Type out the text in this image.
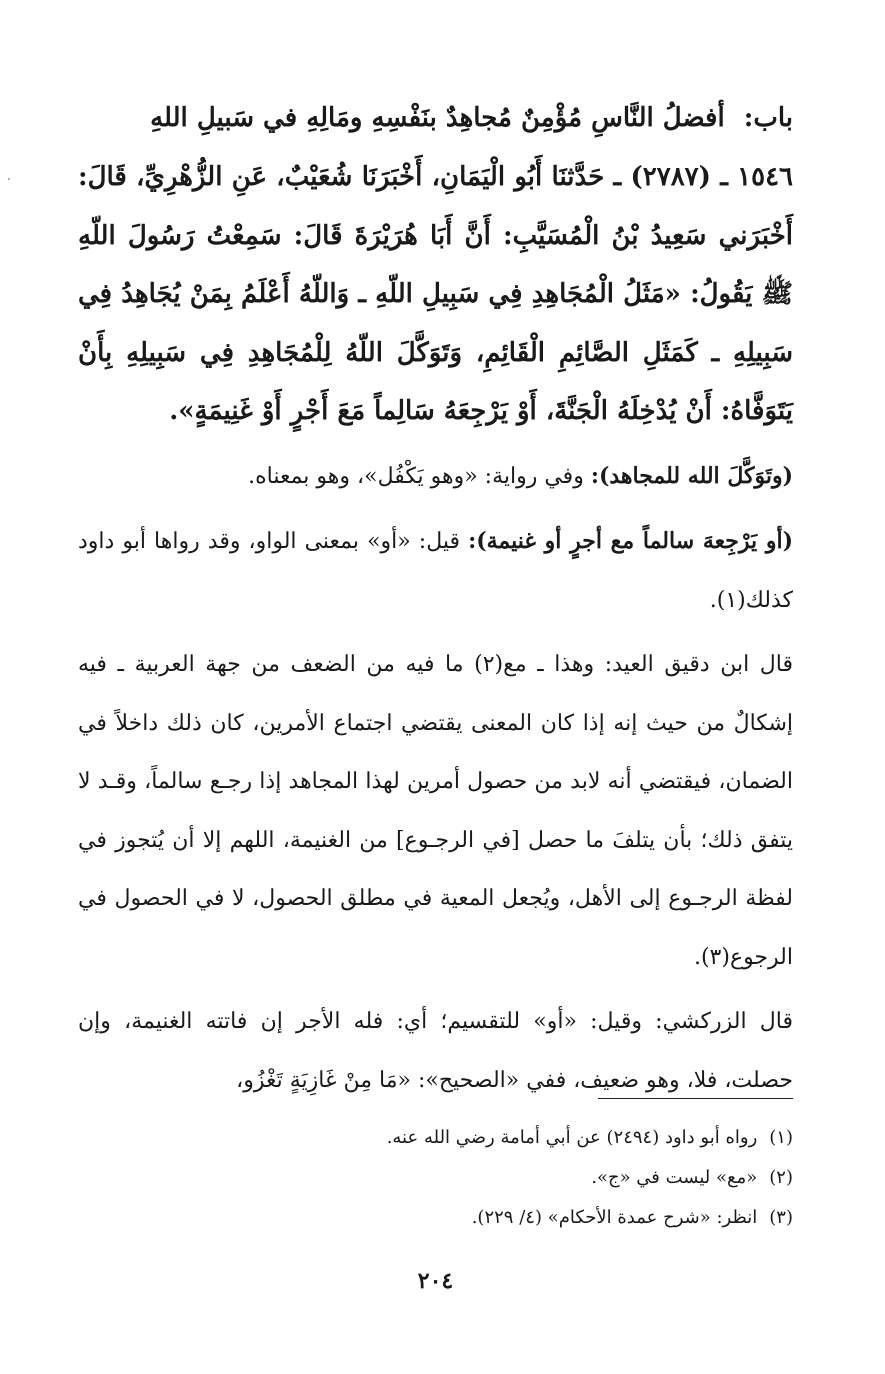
باب: أفضلُ النَّاسِ مُؤْمِنٌ مُجاهِدٌ بنَفْسِهِ ومَالِهِ في سَبيلِ اللهِ

١٥٤٦ ـ (٢٧٨٧) ـ حَدَّثنَا أَبُو الْيَمَانِ، أَخْبَرَنَا شُعَيْبٌ، عَنِ الزُّهْرِيِّ، قَالَ: أَخْبَرَني سَعِيدُ بْنُ الْمُسَيَّبِ: أَنَّ أَبَا هُرَيْرَةَ قَالَ: سَمِعْتُ رَسُولَ اللّهِ ﷺ يَقُولُ: «مَثَلُ الْمُجَاهِدِ فِي سَبِيلِ اللّهِ ـ وَاللّهُ أَعْلَمُ بِمَنْ يُجَاهِدُ فِي سَبِيلِهِ ـ كَمَثَلِ الصَّائِمِ الْقَائِمِ، وَتَوَكَّلَ اللّهُ لِلْمُجَاهِدِ فِي سَبِيلِهِ بِأَنْ يَتَوَفَّاهُ: أَنْ يُدْخِلَهُ الْجَنَّةَ، أَوْ يَرْجِعَهُ سَالِماً مَعَ أَجْرٍ أَوْ غَنِيمَةٍ».

(وتَوَكَّلَ الله للمجاهد): وفي رواية: «وهو يَكْفُل»، وهو بمعناه.

(أو يَرْجِعهَ سالماً مع أجرٍ أو غنيمة): قيل: «أو» بمعنى الواو، وقد رواها أبو داود كذلك(١).

قال ابن دقيق العيد: وهذا ـ مع(٢) ما فيه من الضعف من جهة العربية ـ فيه إشكالٌ من حيث إنه إذا كان المعنى يقتضي اجتماع الأمرين، كان ذلك داخلاً في الضمان، فيقتضي أنه لابد من حصول أمرين لهذا المجاهد إذا رجـع سالماً، وقـد لا يتفق ذلك؛ بأن يتلفَ ما حصل [في الرجـوع] من الغنيمة، اللهم إلا أن يُتجوز في لفظة الرجـوع إلى الأهل، ويُجعل المعية في مطلق الحصول، لا في الحصول في الرجوع(٣).

قال الزركشي: وقيل: «أو» للتقسيم؛ أي: فله الأجر إن فاتته الغنيمة، وإن حصلت، فلا، وهو ضعيف، ففي «الصحيح»: «مَا مِنْ غَازِيَةٍ تَغْزُو،

(١)رواه أبو داود (٢٤٩٤) عن أبي أمامة رضي الله عنه.

(٢)«مع» ليست في «ج».

(٣)انظر: «شرح عمدة الأحكام» (٤/ ٢٢٩).

٢٠٤
